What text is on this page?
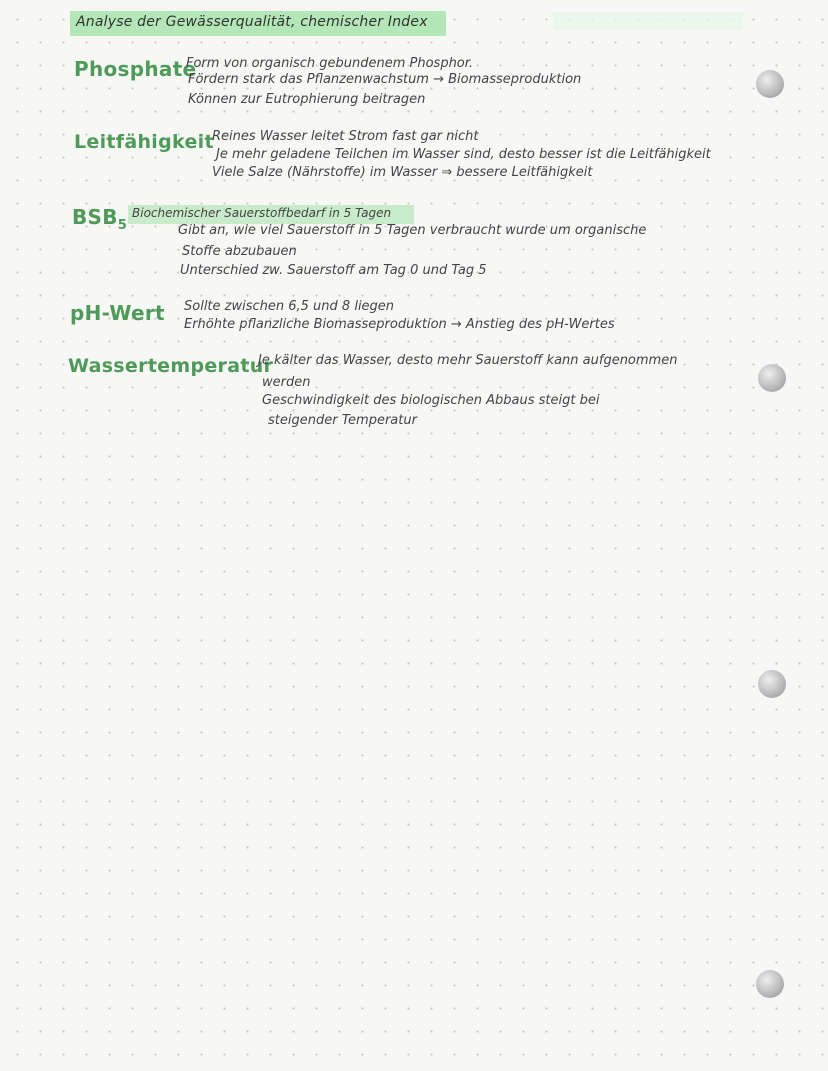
Analyse der Gewässerqualität, chemischer Index
Phosphate
Form von organisch gebundenem Phosphor.
Fördern stark das Pflanzenwachstum → Biomasseproduktion
Können zur Eutrophierung beitragen
Leitfähigkeit
Reines Wasser leitet Strom fast gar nicht
Je mehr geladene Teilchen im Wasser sind, desto besser ist die Leitfähigkeit
Viele Salze (Nährstoffe) im Wasser ⇒ bessere Leitfähigkeit
$BSB_5$
Biochemischer Sauerstoffbedarf in 5 Tagen
Gibt an, wie viel Sauerstoff in 5 Tagen verbraucht wurde um organische
Stoffe abzubauen
Unterschied zw. Sauerstoff am Tag 0 und Tag 5
pH-Wert Sollte zwischen 6,5 und 8 liegen
Erhöhte pflanzliche Biomasseproduktion → Anstieg des pH-Wertes
Wassertemperatur
Je kälter das Wasser, desto mehr Sauerstoff kann aufgenommen
werden
Geschwindigkeit des biologischen Abbaus steigt bei
steigender Temperatur
